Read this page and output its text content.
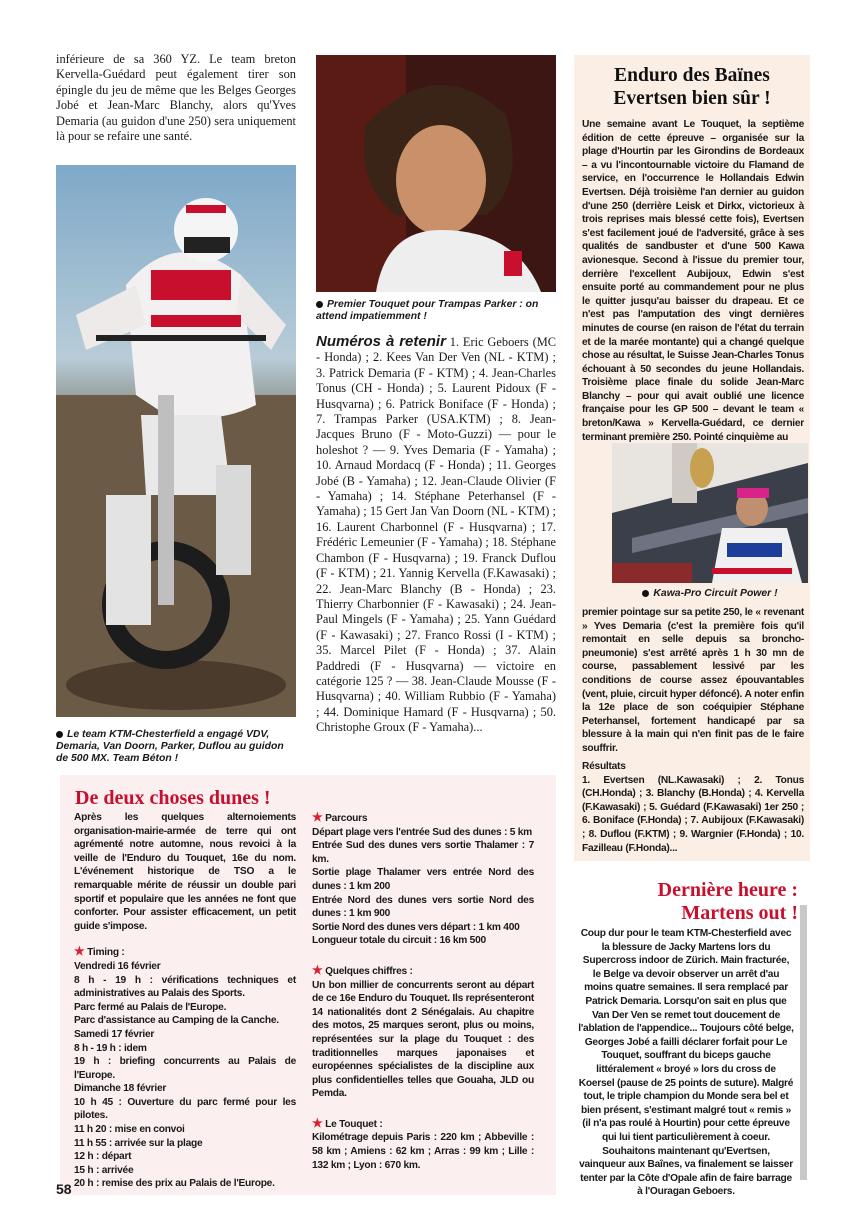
inférieure de sa 360 YZ. Le team breton Kervella-Guédard peut également tirer son épingle du jeu de même que les Belges Georges Jobé et Jean-Marc Blanchy, alors qu'Yves Demaria (au guidon d'une 250) sera uniquement là pour se refaire une santé.
Le team KTM-Chesterfield a engagé VDV, Demaria, Van Doorn, Parker, Duflou au guidon de 500 MX. Team Béton !
Premier Touquet pour Trampas Parker : on attend impatiemment !
Numéros à retenir 1. Eric Geboers (MC - Honda) ; 2. Kees Van Der Ven (NL - KTM) ; 3. Patrick Demaria (F - KTM) ; 4. Jean-Charles Tonus (CH - Honda) ; 5. Laurent Pidoux (F - Husqvarna) ; 6. Patrick Boniface (F - Honda) ; 7. Trampas Parker (USA.KTM) ; 8. Jean-Jacques Bruno (F - Moto-Guzzi) — pour le holeshot ? — 9. Yves Demaria (F - Yamaha) ; 10. Arnaud Mordacq (F - Honda) ; 11. Georges Jobé (B - Yamaha) ; 12. Jean-Claude Olivier (F - Yamaha) ; 14. Stéphane Peterhansel (F - Yamaha) ; 15 Gert Jan Van Doorn (NL - KTM) ; 16. Laurent Charbonnel (F - Husqvarna) ; 17. Frédéric Lemeunier (F - Yamaha) ; 18. Stéphane Chambon (F - Husqvarna) ; 19. Franck Duflou (F - KTM) ; 21. Yannig Kervella (F.Kawasaki) ; 22. Jean-Marc Blanchy (B - Honda) ; 23. Thierry Charbonnier (F - Kawasaki) ; 24. Jean-Paul Mingels (F - Yamaha) ; 25. Yann Guédard (F - Kawasaki) ; 27. Franco Rossi (I - KTM) ; 35. Marcel Pilet (F - Honda) ; 37. Alain Paddredi (F - Husqvarna) — victoire en catégorie 125 ? — 38. Jean-Claude Mousse (F - Husqvarna) ; 40. William Rubbio (F - Yamaha) ; 44. Dominique Hamard (F - Husqvarna) ; 50. Christophe Groux (F - Yamaha)...
Enduro des Baïnes
Evertsen bien sûr !
Une semaine avant Le Touquet, la septième édition de cette épreuve – organisée sur la plage d'Hourtin par les Girondins de Bordeaux – a vu l'incontournable victoire du Flamand de service, en l'occurrence le Hollandais Edwin Evertsen. Déjà troisième l'an dernier au guidon d'une 250 (derrière Leisk et Dirkx, victorieux à trois reprises mais blessé cette fois), Evertsen s'est facilement joué de l'adversité, grâce à ses qualités de sandbuster et d'une 500 Kawa avionesque. Second à l'issue du premier tour, derrière l'excellent Aubijoux, Edwin s'est ensuite porté au commandement pour ne plus le quitter jusqu'au baisser du drapeau. Et ce n'est pas l'amputation des vingt dernières minutes de course (en raison de l'état du terrain et de la marée montante) qui a changé quelque chose au résultat, le Suisse Jean-Charles Tonus échouant à 50 secondes du jeune Hollandais. Troisième place finale du solide Jean-Marc Blanchy – pour qui avait oublié une licence française pour les GP 500 – devant le team « breton/Kawa » Kervella-Guédard, ce dernier terminant première 250. Pointé cinquième au
Kawa-Pro Circuit Power !
premier pointage sur sa petite 250, le « revenant » Yves Demaria (c'est la première fois qu'il remontait en selle depuis sa broncho-pneumonie) s'est arrêté après 1 h 30 mn de course, passablement lessivé par les conditions de course assez épouvantables (vent, pluie, circuit hyper défoncé). A noter enfin la 12e place de son coéquipier Stéphane Peterhansel, fortement handicapé par sa blessure à la main qui n'en finit pas de le faire souffrir.
Résultats
1. Evertsen (NL.Kawasaki) ; 2. Tonus (CH.Honda) ; 3. Blanchy (B.Honda) ; 4. Kervella (F.Kawasaki) ; 5. Guédard (F.Kawasaki) 1er 250 ; 6. Boniface (F.Honda) ; 7. Aubijoux (F.Kawasaki) ; 8. Duflou (F.KTM) ; 9. Wargnier (F.Honda) ; 10. Fazilleau (F.Honda)...
De deux choses dunes !

Après les quelques alternoiements organisation-mairie-armée de terre qui ont agrémenté notre automne, nous revoici à la veille de l'Enduro du Touquet, 16e du nom. L'événement historique de TSO a le remarquable mérite de réussir un double pari sportif et populaire que les années ne font que conforter. Pour assister efficacement, un petit guide s'impose.

★ Timing :

Vendredi 16 février
8 h - 19 h : vérifications techniques et administratives au Palais des Sports.
Parc fermé au Palais de l'Europe.
Parc d'assistance au Camping de la Canche.
Samedi 17 février
8 h - 19 h : idem
19 h : briefing concurrents au Palais de l'Europe.
Dimanche 18 février
10 h 45 : Ouverture du parc fermé pour les pilotes.
11 h 20 : mise en convoi
11 h 55 : arrivée sur la plage
12 h : départ
15 h : arrivée
20 h : remise des prix au Palais de l'Europe.

★ Parcours

Départ plage vers l'entrée Sud des dunes : 5 km
Entrée Sud des dunes vers sortie Thalamer : 7 km.
Sortie plage Thalamer vers entrée Nord des dunes : 1 km 200
Entrée Nord des dunes vers sortie Nord des dunes : 1 km 900
Sortie Nord des dunes vers départ : 1 km 400
Longueur totale du circuit : 16 km 500

★ Quelques chiffres :

Un bon millier de concurrents seront au départ de ce 16e Enduro du Touquet. Ils représenteront 14 nationalités dont 2 Sénégalais. Au chapitre des motos, 25 marques seront, plus ou moins, représentées sur la plage du Touquet : des traditionnelles marques japonaises et européennes spécialistes de la discipline aux plus confidentielles telles que Gouaha, JLD ou Pemda.

★ Le Touquet :

Kilométrage depuis Paris : 220 km ; Abbeville : 58 km ; Amiens : 62 km ; Arras : 99 km ; Lille : 132 km ; Lyon : 670 km.

Dernière heure :
Martens out !
Coup dur pour le team KTM-Chesterfield avec la blessure de Jacky Martens lors du Supercross indoor de Zürich. Main fracturée, le Belge va devoir observer un arrêt d'au moins quatre semaines. Il sera remplacé par Patrick Demaria. Lorsqu'on sait en plus que Van Der Ven se remet tout doucement de l'ablation de l'appendice... Toujours côté belge, Georges Jobé a failli déclarer forfait pour Le Touquet, souffrant du biceps gauche littéralement « broyé » lors du cross de Koersel (pause de 25 points de suture). Malgré tout, le triple champion du Monde sera bel et bien présent, s'estimant malgré tout « remis » (il n'a pas roulé à Hourtin) pour cette épreuve qui lui tient particulièrement à coeur. Souhaitons maintenant qu'Evertsen, vainqueur aux Baînes, va finalement se laisser tenter par la Côte d'Opale afin de faire barrage à l'Ouragan Geboers.
58
